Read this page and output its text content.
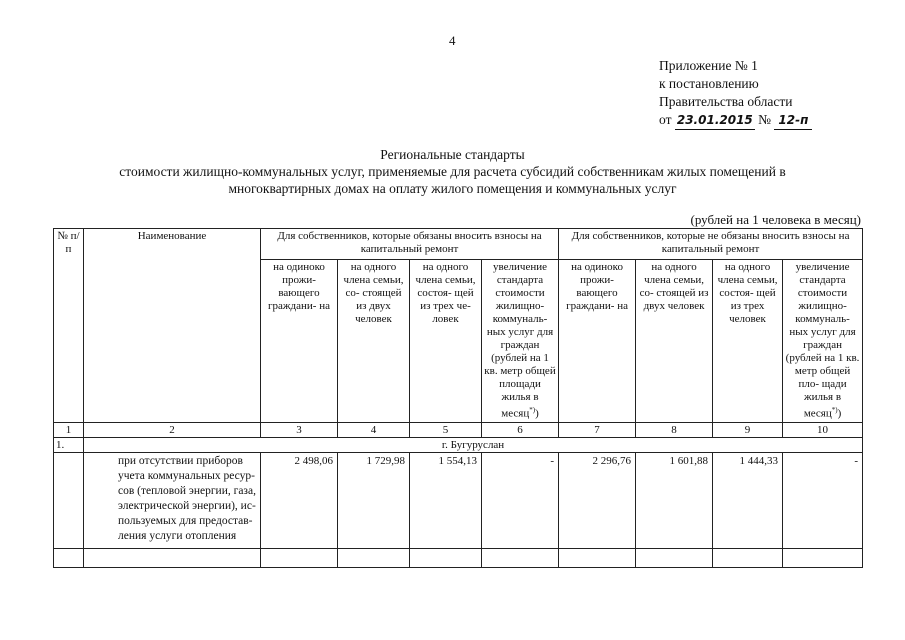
4
Приложение № 1
к постановлению
Правительства области
от 23.01.2015 № 12-п
Региональные стандарты
стоимости жилищно-коммунальных услуг, применяемые для расчета субсидий собственникам жилых помещений в
многоквартирных домах на оплату жилого помещения и коммунальных услуг
(рублей на 1 человека в месяц)
№ п/п	Наименование	Для собственников, которые обязаны вносить взносы на капитальный ремонт				Для собственников, которые не обязаны вносить взносы на капитальный ремонт			
		на одиноко прожи- вающего граждани- на	на одного члена семьи, со- стоящей из двух человек	на одного члена семьи, состоя- щей из трех че- ловек	увеличение стандарта стоимости жилищно- коммуналь- ных услуг для граждан (рублей на 1 кв. метр общей площади жилья в месяц*))	на одиноко прожи- вающего граждани- на	на одного члена семьи, со- стоящей из двух человек	на одного члена семьи, состоя- щей из трех человек	увеличение стандарта стоимости жилищно- коммуналь- ных услуг для граждан (рублей на 1 кв. метр общей пло- щади жилья в месяц*))
1	2	3	4	5	6	7	8	9	10
1.	г. Бугуруслан								
	при отсутствии приборов учета коммунальных ресур- сов (тепловой энергии, газа, электрической энергии), ис- пользуемых для предостав- ления услуги отопления	2 498,06	1 729,98	1 554,13	-	2 296,76	1 601,88	1 444,33	-
